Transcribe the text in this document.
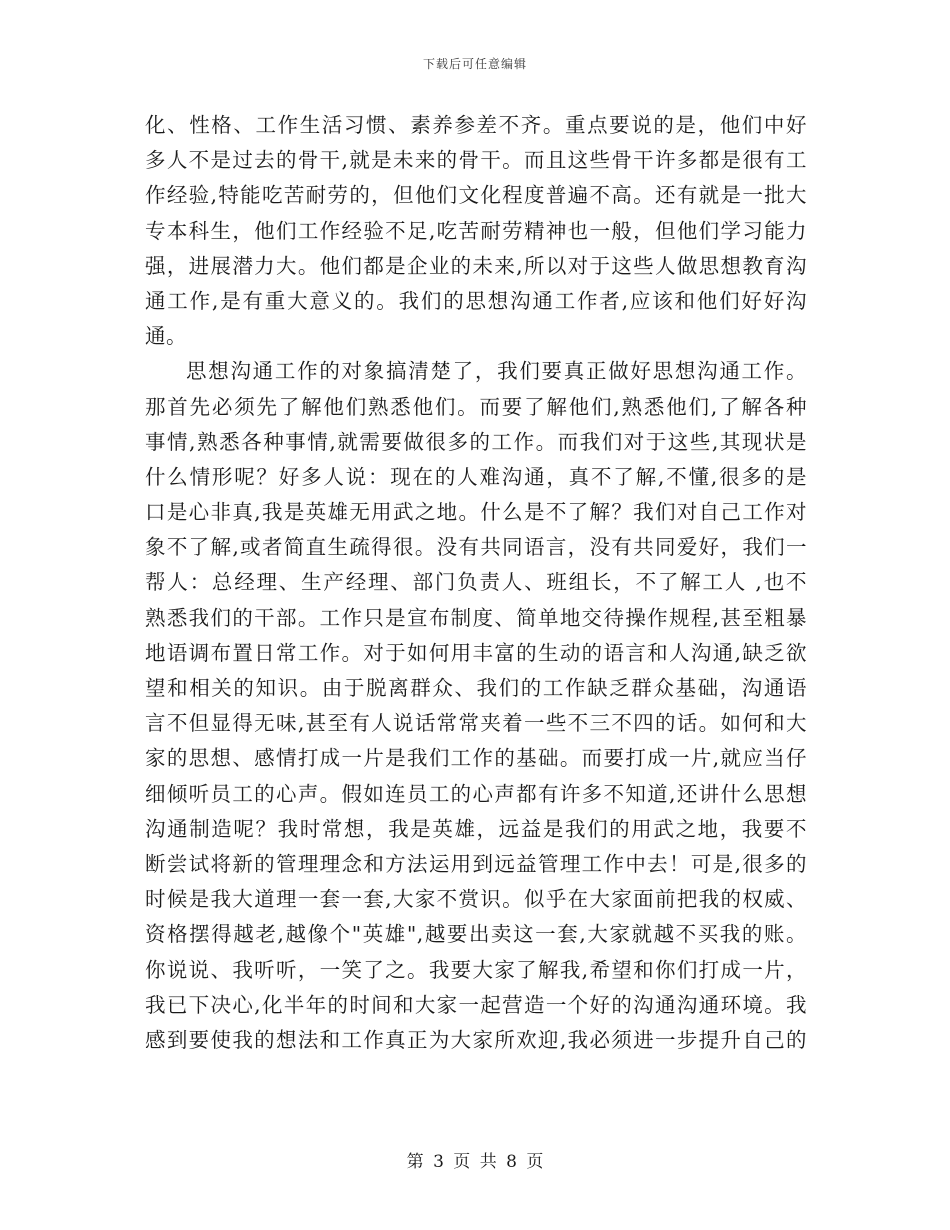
下载后可任意编辑

化、性格、工作生活习惯、素养参差不齐。重点要说的是，他们中好
多人不是过去的骨干,就是未来的骨干。而且这些骨干许多都是很有工
作经验,特能吃苦耐劳的，但他们文化程度普遍不高。还有就是一批大
专本科生，他们工作经验不足,吃苦耐劳精神也一般，但他们学习能力
强，进展潜力大。他们都是企业的未来,所以对于这些人做思想教育沟
通工作,是有重大意义的。我们的思想沟通工作者,应该和他们好好沟
通。

思想沟通工作的对象搞清楚了，我们要真正做好思想沟通工作。
那首先必须先了解他们熟悉他们。而要了解他们,熟悉他们,了解各种
事情,熟悉各种事情,就需要做很多的工作。而我们对于这些,其现状是
什么情形呢？好多人说：现在的人难沟通，真不了解,不懂,很多的是
口是心非真,我是英雄无用武之地。什么是不了解？我们对自己工作对
象不了解,或者简直生疏得很。没有共同语言，没有共同爱好，我们一
帮人：总经理、生产经理、部门负责人、班组长，不了解工人 ,也不
熟悉我们的干部。工作只是宣布制度、简单地交待操作规程,甚至粗暴
地语调布置日常工作。对于如何用丰富的生动的语言和人沟通,缺乏欲
望和相关的知识。由于脱离群众、我们的工作缺乏群众基础，沟通语
言不但显得无味,甚至有人说话常常夹着一些不三不四的话。如何和大
家的思想、感情打成一片是我们工作的基础。而要打成一片,就应当仔
细倾听员工的心声。假如连员工的心声都有许多不知道,还讲什么思想
沟通制造呢？我时常想，我是英雄，远益是我们的用武之地，我要不
断尝试将新的管理理念和方法运用到远益管理工作中去！可是,很多的
时候是我大道理一套一套,大家不赏识。似乎在大家面前把我的权威、
资格摆得越老,越像个"英雄",越要出卖这一套,大家就越不买我的账。
你说说、我听听，一笑了之。我要大家了解我,希望和你们打成一片，
我已下决心,化半年的时间和大家一起营造一个好的沟通沟通环境。我
感到要使我的想法和工作真正为大家所欢迎,我必须进一步提升自己的

第 3 页 共 8 页
